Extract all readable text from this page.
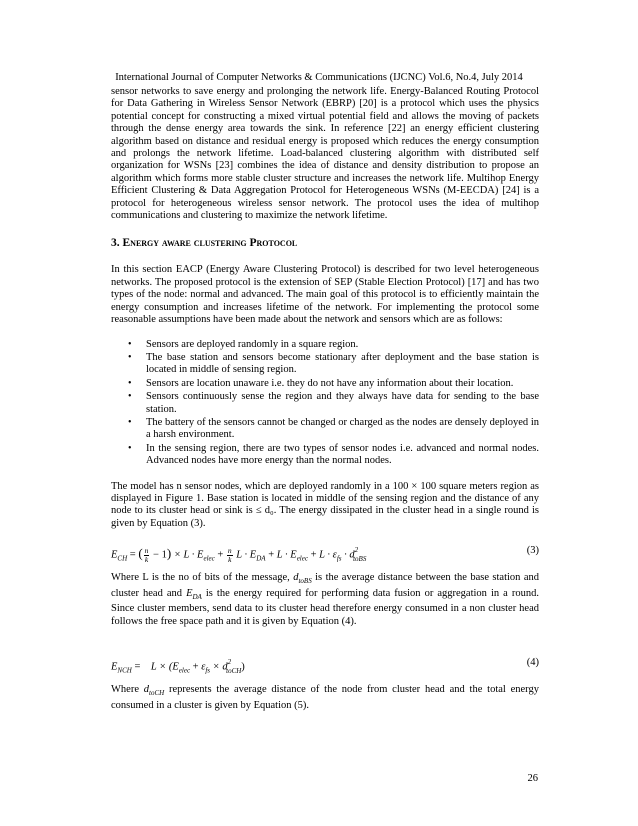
International Journal of Computer Networks & Communications (IJCNC) Vol.6, No.4, July 2014

sensor networks to save energy and prolonging the network life. Energy-Balanced Routing Protocol for Data Gathering in Wireless Sensor Network (EBRP) [20] is a protocol which uses the physics potential concept for constructing a mixed virtual potential field and allows the moving of packets through the dense energy area towards the sink. In reference [22] an energy efficient clustering algorithm based on distance and residual energy is proposed which reduces the energy consumption and prolongs the network lifetime. Load-balanced clustering algorithm with distributed self organization for WSNs [23] combines the idea of distance and density distribution to propose an algorithm which forms more stable cluster structure and increases the network life. Multihop Energy Efficient Clustering & Data Aggregation Protocol for Heterogeneous WSNs (M-EECDA) [24] is a protocol for heterogeneous wireless sensor network. The protocol uses the idea of multihop communications and clustering to maximize the network lifetime.

3. Energy aware clustering Protocol

In this section EACP (Energy Aware Clustering Protocol) is described for two level heterogeneous networks. The proposed protocol is the extension of SEP (Stable Election Protocol) [17] and has two types of the node: normal and advanced. The main goal of this protocol is to efficiently maintain the energy consumption and increases lifetime of the network. For implementing the protocol some reasonable assumptions have been made about the network and sensors which are as follows:

• Sensors are deployed randomly in a square region.
• The base station and sensors become stationary after deployment and the base station is located in middle of sensing region.
• Sensors are location unaware i.e. they do not have any information about their location.
• Sensors continuously sense the region and they always have data for sending to the base station.
• The battery of the sensors cannot be changed or charged as the nodes are densely deployed in a harsh environment.
• In the sensing region, there are two types of sensor nodes i.e. advanced and normal nodes. Advanced nodes have more energy than the normal nodes.

The model has n sensor nodes, which are deployed randomly in a 100 × 100 square meters region as displayed in Figure 1. Base station is located in middle of the sensing region and the distance of any node to its cluster head or sink is ≤ d₀. The energy dissipated in the cluster head in a single round is given by Equation (3).

$E_{CH}$ = ( $\frac{n}{k} - 1) \times L \cdot E_{elec} + \frac{n}{k}$ $L \cdot E_{DA} + L \cdot E_{elec} + L \cdot \varepsilon_{fs} \cdot d^2_{toBS}$
(3)

Where L is the no of bits of the message, $d_{toBS}$ is the average distance between the base station and cluster head and $E_{DA}$ is the energy required for performing data fusion or aggregation in a round. Since cluster members, send data to its cluster head therefore energy consumed in a non cluster head follows the free space path and it is given by Equation (4).

$E_{NCH}$ =    $L \times (E_{elec} + \varepsilon_{fs} \times d^2_{toCH})$	(4)

Where $d_{toCH}$ represents the average distance of the node from cluster head and the total energy consumed in a cluster is given by Equation (5).

26
